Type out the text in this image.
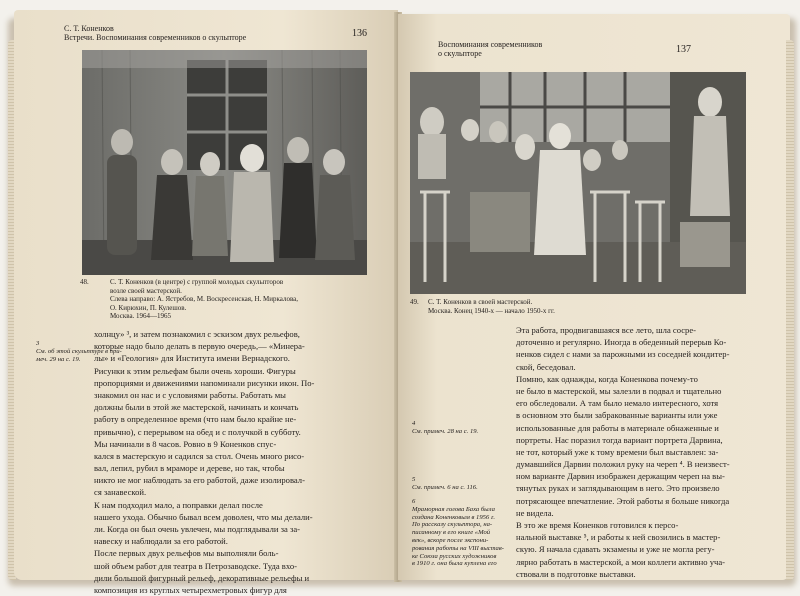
С. Т. Коненков
Встречи. Воспоминания современников о скульпторе	136
48.	С. Т. Коненков (в центре) с группой молодых скульпторов
возле своей мастерской.
Слева направо: А. Ястребов, М. Воскресенская, Н. Миркалова,
О. Кирюхин, П. Кулешов.
Москва. 1964—1965
3
См. об этой скульптуре в при-
меч. 29 на с. 19.
холнцу» ³, и затем познакомил с эскизом двух рельефов,
которые надо было делать в первую очередь,— «Минера-
лы» и «Геология» для Института имени Вернадского.
Рисунки к этим рельефам были очень хороши. Фигуры
пропорциями и движениями напоминали рисунки икон. По-
знакомил он нас и с условиями работы. Работать мы
должны были в этой же мастерской, начинать и кончать
работу в определенное время (что нам было крайне не-
привычно), с перерывом на обед и с получкой в субботу.
Мы начинали в 8 часов. Ровно в 9 Коненков спус-
кался в мастерскую и садился за стол. Очень много рисо-
вал, лепил, рубил в мраморе и дереве, но так, чтобы
никто не мог наблюдать за его работой, даже изолировал-
ся занавеской.
К нам подходил мало, а поправки делал после
нашего ухода. Обычно бывал всем доволен, что мы делали-
ли. Когда он был очень увлечен, мы подглядывали за за-
навеску и наблюдали за его работой.
После первых двух рельефов мы выполняли боль-
шой объем работ для театра в Петрозаводске. Туда вхо-
дили большой фигурный рельеф, декоративные рельефы и
композиция из круглых четырехметровых фигур для
Воспоминания современников
о скульпторе	137
49. С. Т. Коненков в своей мастерской.
Москва. Конец 1940-х — начало 1950-х гг.
4
См. примеч. 28 на с. 19.
5
См. примеч. 6 на с. 116.
6
Мраморная голова Баха была
создана Коненковым в 1956 г.
По рассказу скульптора, на-
писанному в его книге «Мой
век», вскоре после экспони-
рования работы на VIII выстав-
ке Союза русских художников
в 1910 г. она была куплена его
Эта работа, продвигавшаяся все лето, шла сосре-
доточенно и регулярно. Иногда в обеденный перерыв Ко-
ненков сидел с нами за парожными из соседней кондитер-
ской, беседовал.
Помню, как однажды, когда Коненкова почему-то
не было в мастерской, мы залезли в подвал и тщательно
его обследовали. А там было немало интересного, хотя
в основном это были забракованные варианты или уже
использованные для работы в материале обнаженные и
портреты. Нас поразил тогда вариант портрета Дарвина,
не тот, который уже к тому времени был выставлен: за-
думавшийся Дарвин положил руку на череп ⁴. В неизвест-
ном варианте Дарвин изображен держащим череп на вы-
тянутых руках и заглядывающим в него. Это произвело
потрясающее впечатление. Этой работы я больше никогда
не видела.
В это же время Коненков готовился к персо-
нальной выставке ⁵, и работы к ней свозились в мастер-
скую. Я начала сдавать экзамены и уже не могла регу-
лярно работать в мастерской, а мои коллеги активно уча-
ствовали в подготовке выставки.
